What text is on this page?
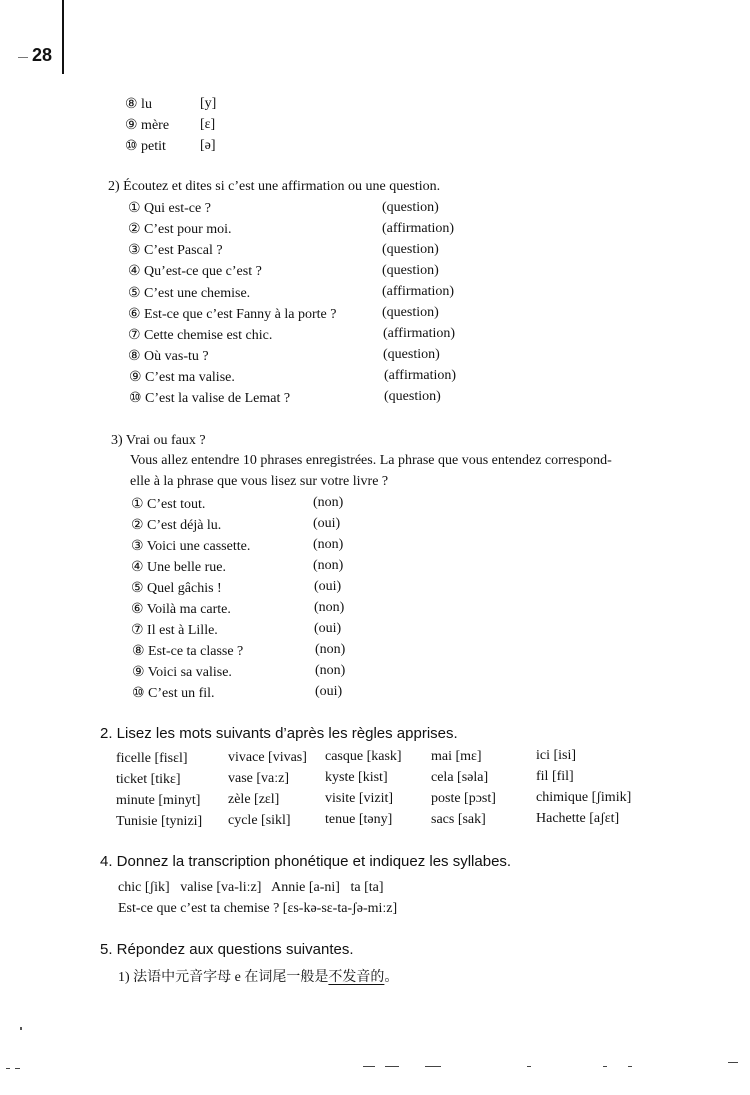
28
⑧ lu	[y]
⑨ mère [ɛ]
⑩ petit [ə]
2) Écoutez et dites si c’est une affirmation ou une question.
① Qui est-ce ?	(question)
② C’est pour moi.	(affirmation)
③ C’est Pascal ?	(question)
④ Qu’est-ce que c’est ?	(question)
⑤ C’est une chemise.	(affirmation)
⑥ Est-ce que c’est Fanny à la porte ?	(question)
⑦ Cette chemise est chic.	(affirmation)
⑧ Où vas-tu ?	(question)
⑨ C’est ma valise.	(affirmation)
⑩ C’est la valise de Lemat ?	(question)
3) Vrai ou faux ?
Vous allez entendre 10 phrases enregistrées. La phrase que vous entendez correspond-
elle à la phrase que vous lisez sur votre livre ?
① C’est tout.	(non)
② C’est déjà lu.	(oui)
③ Voici une cassette.	(non)
④ Une belle rue.	(non)
⑤ Quel gâchis !	(oui)
⑥ Voilà ma carte.	(non)
⑦ Il est à Lille.	(oui)
⑧ Est-ce ta classe ?	(non)
⑨ Voici sa valise.	(non)
⑩ C’est un fil.	(oui)
2. Lisez les mots suivants d’après les règles apprises.
ficelle [fisɛl]	vivace [vivas] casque [kask] mai [mɛ]	ici [isi]
ticket [tikɛ]	vase [vaːz]	kyste [kist]	cela [səla]	fil [fil]
minute [minyt] zèle [zɛl]	visite [vizit]	poste [pɔst]	chimique [ʃimik]
Tunisie [tynizi] cycle [sikl] tenue [təny]	sacs [sak]	Hachette [aʃɛt]
4. Donnez la transcription phonétique et indiquez les syllabes.
chic [ʃik]   valise [va-liːz]   Annie [a-ni]   ta [ta]
Est-ce que c’est ta chemise ? [ɛs-kə-sɛ-ta-ʃə-miːz]
5. Répondez aux questions suivantes.
1) 法语中元音字母 e 在词尾一般是不发音的。
